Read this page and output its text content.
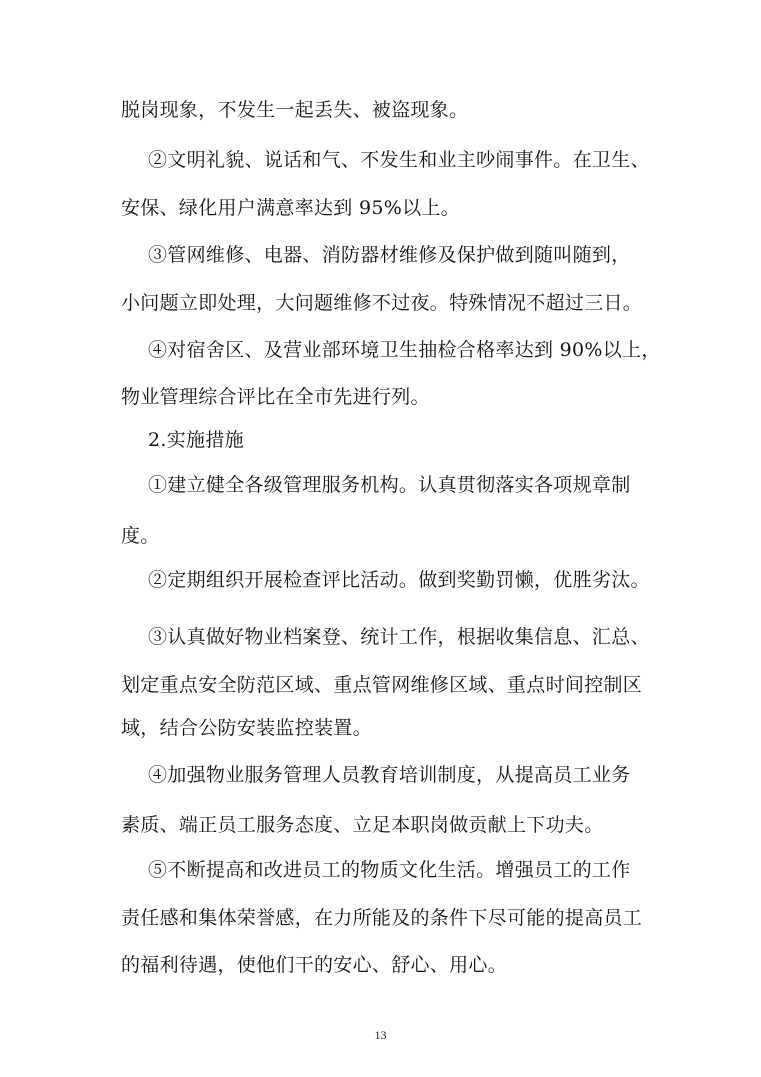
脱岗现象，不发生一起丢失、被盗现象。
②文明礼貌、说话和气、不发生和业主吵闹事件。在卫生、
安保、绿化用户满意率达到 95%以上。
③管网维修、电器、消防器材维修及保护做到随叫随到，
小问题立即处理，大问题维修不过夜。特殊情况不超过三日。
④对宿舍区、及营业部环境卫生抽检合格率达到 90%以上，
物业管理综合评比在全市先进行列。
2.实施措施
①建立健全各级管理服务机构。认真贯彻落实各项规章制
度。
②定期组织开展检查评比活动。做到奖勤罚懒，优胜劣汰。
③认真做好物业档案登、统计工作，根据收集信息、汇总、
划定重点安全防范区域、重点管网维修区域、重点时间控制区
域，结合公防安装监控装置。
④加强物业服务管理人员教育培训制度，从提高员工业务
素质、端正员工服务态度、立足本职岗做贡献上下功夫。
⑤不断提高和改进员工的物质文化生活。增强员工的工作
责任感和集体荣誉感，在力所能及的条件下尽可能的提高员工
的福利待遇，使他们干的安心、舒心、用心。
13
